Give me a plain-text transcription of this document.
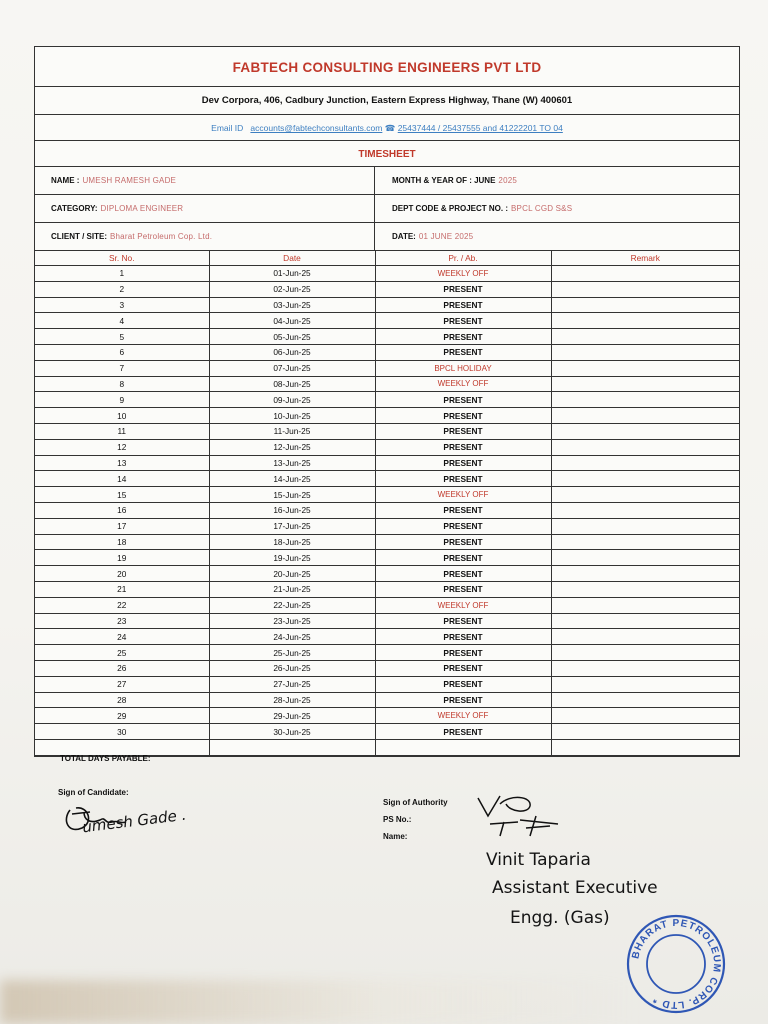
FABTECH CONSULTING ENGINEERS PVT LTD
Dev Corpora, 406, Cadbury Junction, Eastern Express Highway, Thane (W) 400601
Email ID accounts@fabtechconsultants.com ☎ 25437444 / 25437555 and 41222201 TO 04
TIMESHEET
NAME : UMESH RAMESH GADE	MONTH & YEAR OF : JUNE 2025
CATEGORY: DIPLOMA ENGINEER	DEPT CODE & PROJECT NO. : BPCL CGD S&S
CLIENT / SITE: Bharat Petroleum Cop. Ltd.	DATE: 01 JUNE 2025
Sr. No.	Date	Pr. / Ab.	Remark
1	01-Jun-25	WEEKLY OFF	
2	02-Jun-25	PRESENT	
3	03-Jun-25	PRESENT	
4	04-Jun-25	PRESENT	
5	05-Jun-25	PRESENT	
6	06-Jun-25	PRESENT	
7	07-Jun-25	BPCL HOLIDAY	
8	08-Jun-25	WEEKLY OFF	
9	09-Jun-25	PRESENT	
10	10-Jun-25	PRESENT	
11	11-Jun-25	PRESENT	
12	12-Jun-25	PRESENT	
13	13-Jun-25	PRESENT	
14	14-Jun-25	PRESENT	
15	15-Jun-25	WEEKLY OFF	
16	16-Jun-25	PRESENT	
17	17-Jun-25	PRESENT	
18	18-Jun-25	PRESENT	
19	19-Jun-25	PRESENT	
20	20-Jun-25	PRESENT	
21	21-Jun-25	PRESENT	
22	22-Jun-25	WEEKLY OFF	
23	23-Jun-25	PRESENT	
24	24-Jun-25	PRESENT	
25	25-Jun-25	PRESENT	
26	26-Jun-25	PRESENT	
27	27-Jun-25	PRESENT	
28	28-Jun-25	PRESENT	
29	29-Jun-25	WEEKLY OFF	
30	30-Jun-25	PRESENT	

TOTAL DAYS PAYABLE:
Sign of Candidate:
Sign of Authority
PS No.:
Name:
umesh Gade .
Vinit Taparia
Assistant Executive
Engg. (Gas)
BHARAT PETROLEUM CORP. LTD *
